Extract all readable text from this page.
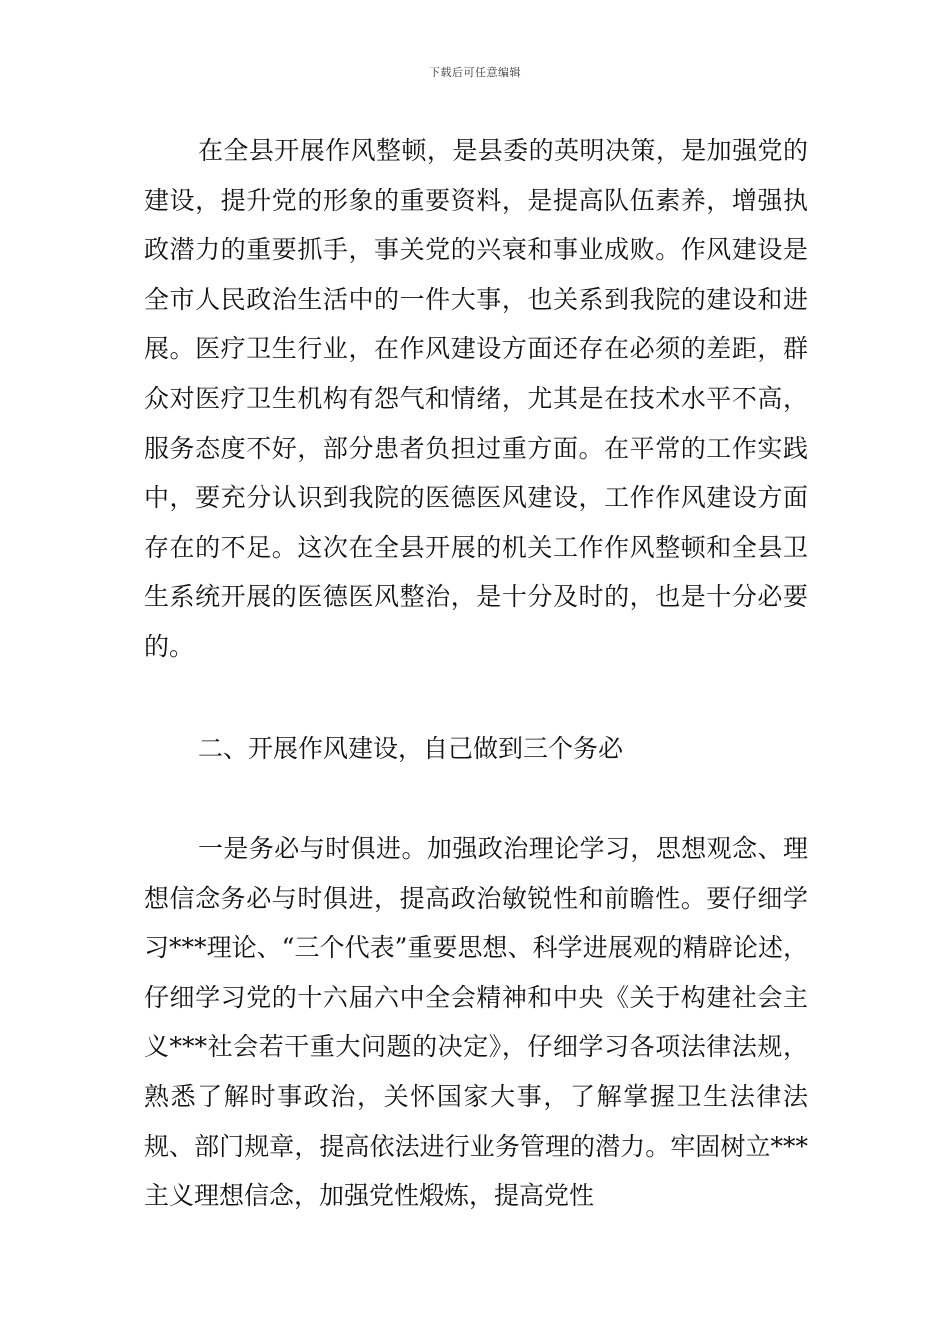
下载后可任意编辑

在全县开展作风整顿，是县委的英明决策，是加强党的建设，提升党的形象的重要资料，是提高队伍素养，增强执政潜力的重要抓手，事关党的兴衰和事业成败。作风建设是全市人民政治生活中的一件大事，也关系到我院的建设和进展。医疗卫生行业，在作风建设方面还存在必须的差距，群众对医疗卫生机构有怨气和情绪，尤其是在技术水平不高，服务态度不好，部分患者负担过重方面。在平常的工作实践中，要充分认识到我院的医德医风建设，工作作风建设方面存在的不足。这次在全县开展的机关工作作风整顿和全县卫生系统开展的医德医风整治，是十分及时的，也是十分必要的。

二、开展作风建设，自己做到三个务必

一是务必与时俱进。加强政治理论学习，思想观念、理想信念务必与时俱进，提高政治敏锐性和前瞻性。要仔细学习***理论、“三个代表”重要思想、科学进展观的精辟论述，仔细学习党的十六届六中全会精神和中央《关于构建社会主义***社会若干重大问题的决定》，仔细学习各项法律法规，熟悉了解时事政治，关怀国家大事，了解掌握卫生法律法规、部门规章，提高依法进行业务管理的潜力。牢固树立***主义理想信念，加强党性煅炼，提高党性
